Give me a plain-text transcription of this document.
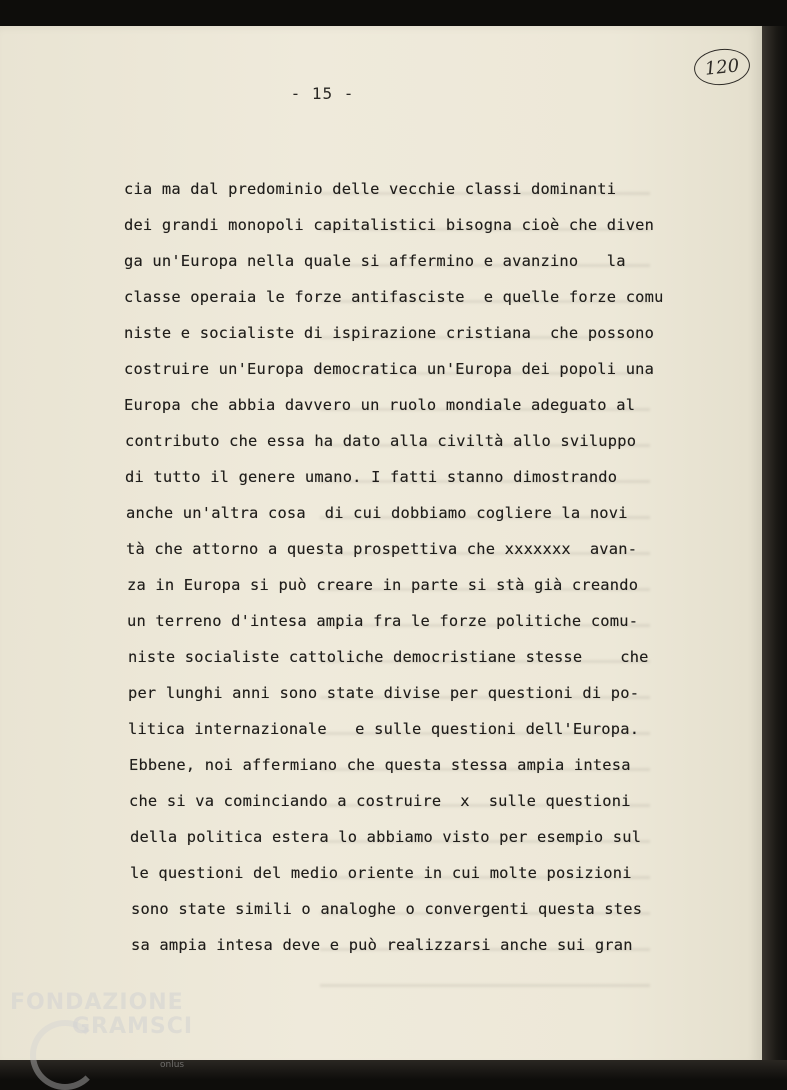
120
- 15 -
cia ma dal predominio delle vecchie classi dominanti
dei grandi monopoli capitalistici bisogna cioè che diven
ga un'Europa nella quale si affermino e avanzino   la
classe operaia le forze antifasciste  e quelle forze comu
niste e socialiste di ispirazione cristiana  che possono
costruire un'Europa democratica un'Europa dei popoli una
Europa che abbia davvero un ruolo mondiale adeguato al
contributo che essa ha dato alla civiltà allo sviluppo
di tutto il genere umano. I fatti stanno dimostrando
anche un'altra cosa  di cui dobbiamo cogliere la novi
tà che attorno a questa prospettiva che xxxxxxx  avan-
za in Europa si può creare in parte si stà già creando
un terreno d'intesa ampia fra le forze politiche comu-
niste socialiste cattoliche democristiane stesse    che
per lunghi anni sono state divise per questioni di po-
litica internazionale   e sulle questioni dell'Europa.
Ebbene, noi affermiano che questa stessa ampia intesa
che si va cominciando a costruire  x  sulle questioni
della politica estera lo abbiamo visto per esempio sul
le questioni del medio oriente in cui molte posizioni
sono state simili o analoghe o convergenti questa stes
sa ampia intesa deve e può realizzarsi anche sui gran
FONDAZIONE
GRAMSCI
onlus
